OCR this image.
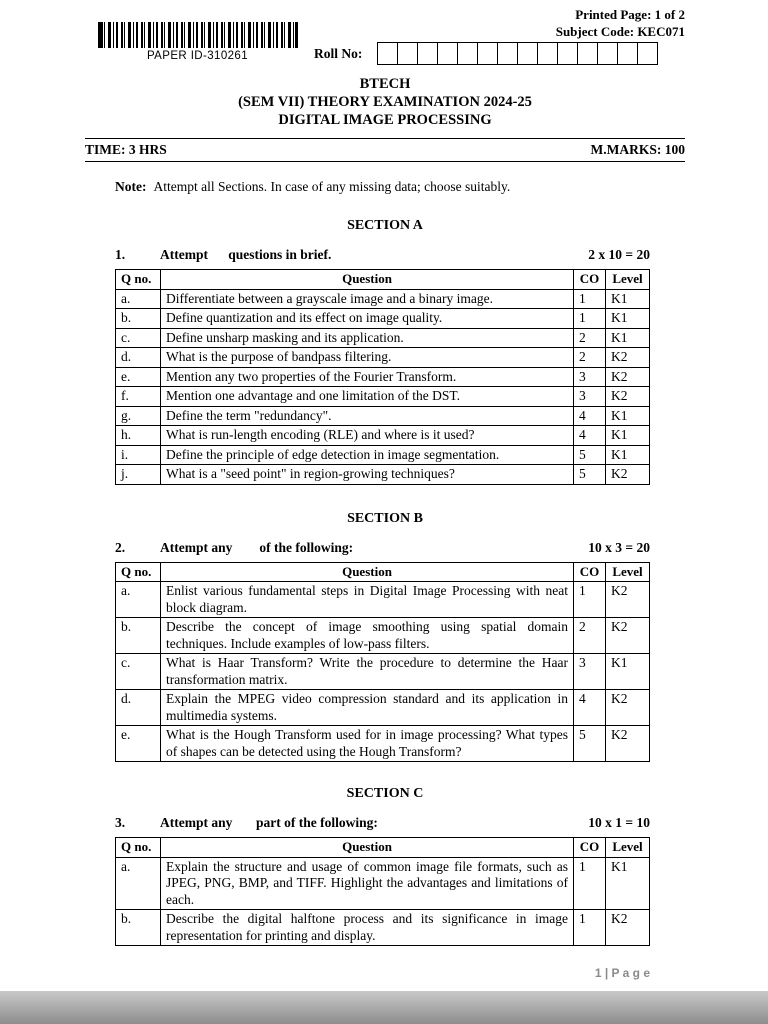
Printed Page: 1 of 2
Subject Code: KEC071
PAPER ID-310261	Roll No:
BTECH
(SEM VII) THEORY EXAMINATION 2024-25
DIGITAL IMAGE PROCESSING
TIME: 3 HRS	M.MARKS: 100
Note: Attempt all Sections. In case of any missing data; choose suitably.
SECTION A
1.	Attempt      questions in brief.	2 x 10 = 20
Q no.	Question	CO	Level
a.	Differentiate between a grayscale image and a binary image.	1	K1
b.	Define quantization and its effect on image quality.	1	K1
c.	Define unsharp masking and its application.	2	K1
d.	What is the purpose of bandpass filtering.	2	K2
e.	Mention any two properties of the Fourier Transform.	3	K2
f.	Mention one advantage and one limitation of the DST.	3	K2
g.	Define the term "redundancy".	4	K1
h.	What is run-length encoding (RLE) and where is it used?	4	K1
i.	Define the principle of edge detection in image segmentation.	5	K1
j.	What is a "seed point" in region-growing techniques?	5	K2
SECTION B
2.	Attempt any        of the following:	10 x 3 = 20
Q no.	Question	CO	Level
a.	Enlist various fundamental steps in Digital Image Processing with neat block diagram.	1	K2
b.	Describe the concept of image smoothing using spatial domain techniques. Include examples of low-pass filters.	2	K2
c.	What is Haar Transform? Write the procedure to determine the Haar transformation matrix.	3	K1
d.	Explain the MPEG video compression standard and its application in multimedia systems.	4	K2
e.	What is the Hough Transform used for in image processing? What types of shapes can be detected using the Hough Transform?	5	K2
SECTION C
3.	Attempt any       part of the following:	10 x 1 = 10
Q no.	Question	CO	Level
a.	Explain the structure and usage of common image file formats, such as JPEG, PNG, BMP, and TIFF. Highlight the advantages and limitations of each.	1	K1
b.	Describe the digital halftone process and its significance in image representation for printing and display.	1	K2
1 | P a g e
